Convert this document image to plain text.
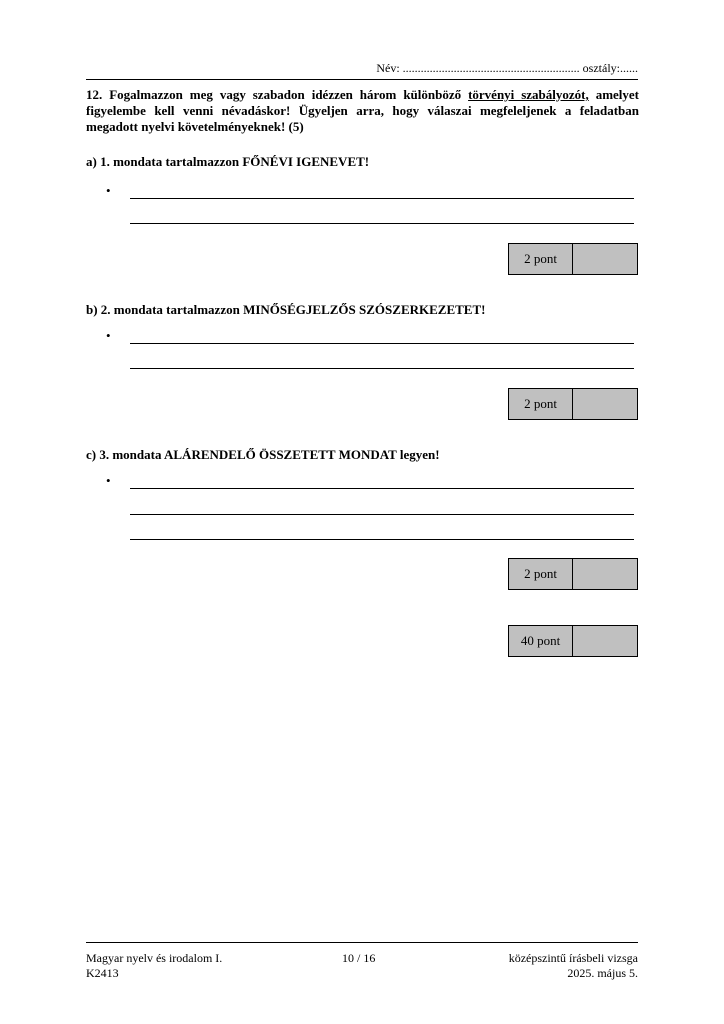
Név: ........................................................... osztály:......
12. Fogalmazzon meg vagy szabadon idézzen három különböző törvényi szabályozót, amelyet figyelembe kell venni névadáskor! Ügyeljen arra, hogy válaszai megfeleljenek a feladatban megadott nyelvi követelményeknek! (5)
a) 1. mondata tartalmazzon FŐNÉVI IGENEVET!
•
2 pont
b) 2. mondata tartalmazzon MINŐSÉGJELZŐS SZÓSZERKEZETET!
•
2 pont
c) 3. mondata ALÁRENDELŐ ÖSSZETETT MONDAT legyen!
•
2 pont
40 pont
Magyar nyelv és irodalom I.
K2413
10 / 16	középszintű írásbeli vizsga
2025. május 5.
